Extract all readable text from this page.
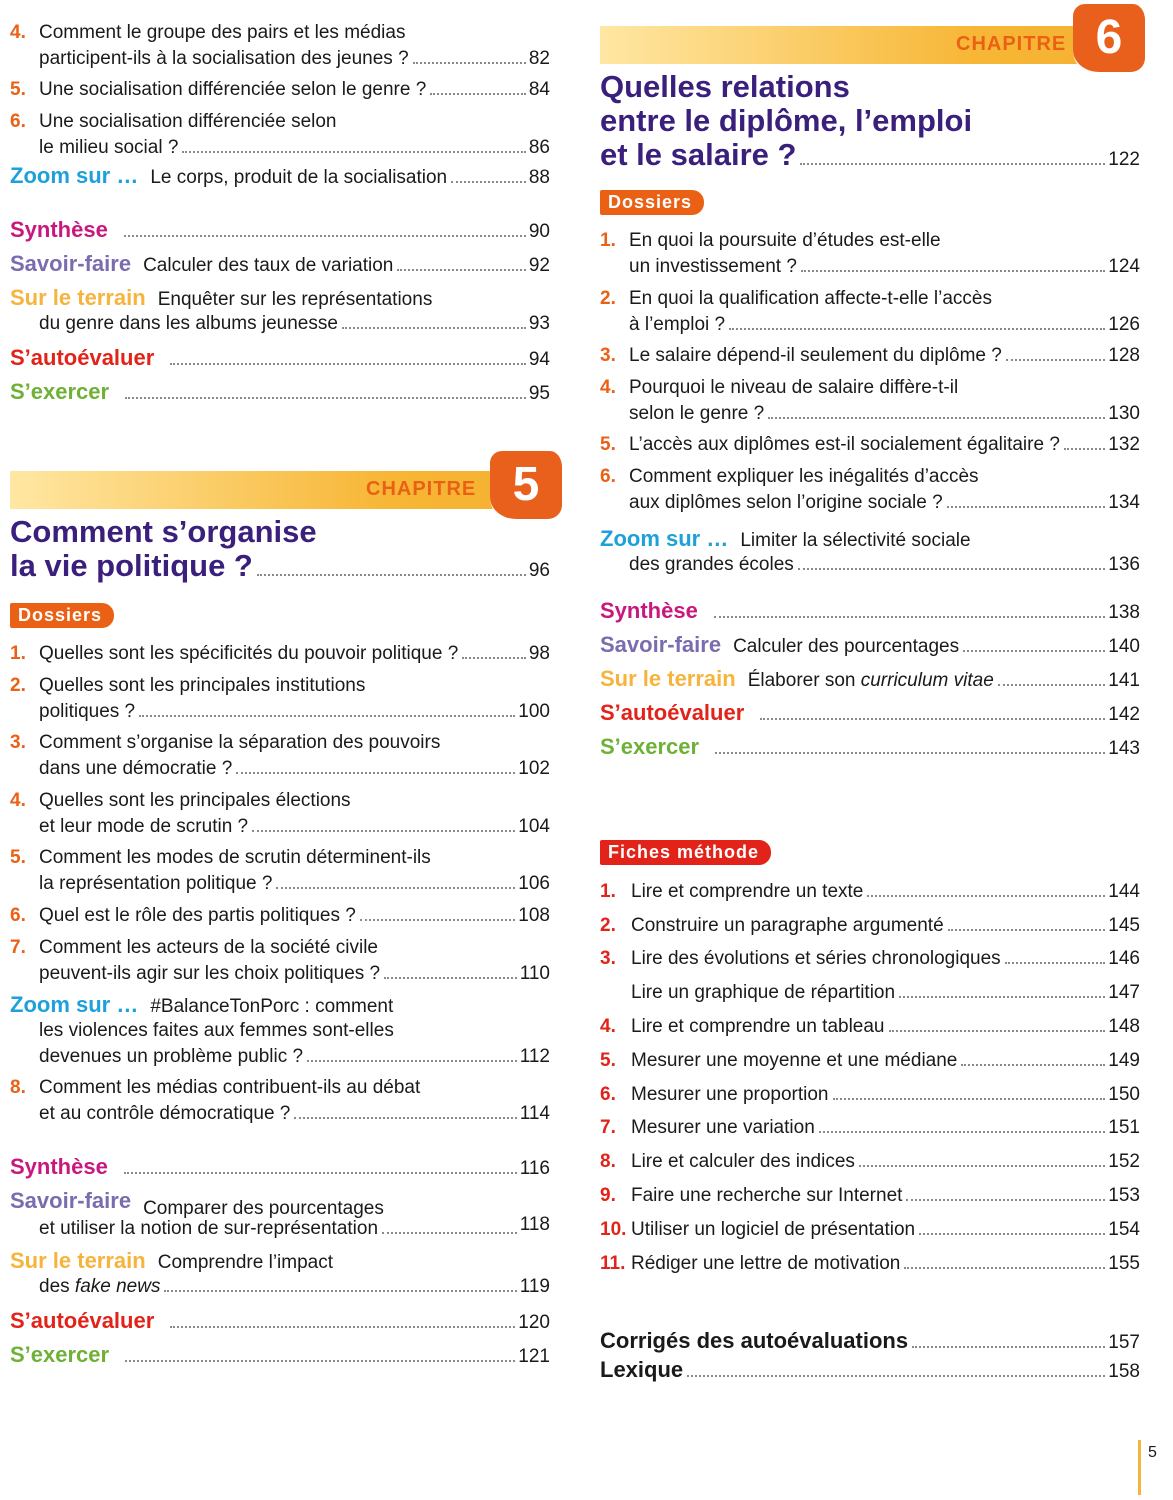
4. Comment le groupe des pairs et les médias
participent-ils à la socialisation des jeunes ?	82
5. Une socialisation différenciée selon le genre ?	84
6. Une socialisation différenciée selon
le milieu social ?	86
Zoom sur … Le corps, produit de la socialisation	88
Synthèse	90
Savoir-faire Calculer des taux de variation	92
Sur le terrain Enquêter sur les représentations
du genre dans les albums jeunesse	93
S’autoévaluer	94
S’exercer	95
CHAPITRE 5
Comment s’organise
la vie politique ?	96
Dossiers
1. Quelles sont les spécificités du pouvoir politique ?	98
2. Quelles sont les principales institutions
politiques ?	100
3. Comment s’organise la séparation des pouvoirs
dans une démocratie ?	102
4. Quelles sont les principales élections
et leur mode de scrutin ?	104
5. Comment les modes de scrutin déterminent-ils
la représentation politique ?	106
6. Quel est le rôle des partis politiques ?	108
7. Comment les acteurs de la société civile
peuvent-ils agir sur les choix politiques ?	110
Zoom sur … #BalanceTonPorc : comment
les violences faites aux femmes sont-elles
devenues un problème public ?	112
8. Comment les médias contribuent-ils au débat
et au contrôle démocratique ?	114
Synthèse	116
Savoir-faire Comparer des pourcentages
et utiliser la notion de sur-représentation	118
Sur le terrain Comprendre l’impact
des fake news	119
S’autoévaluer	120
S’exercer	121
CHAPITRE 6
Quelles relations
entre le diplôme, l’emploi
et le salaire ?	122
Dossiers
1. En quoi la poursuite d’études est-elle
un investissement ?	124
2. En quoi la qualification affecte-t-elle l’accès
à l’emploi ?	126
3. Le salaire dépend-il seulement du diplôme ?	128
4. Pourquoi le niveau de salaire diffère-t-il
selon le genre ?	130
5. L’accès aux diplômes est-il socialement égalitaire ?	132
6. Comment expliquer les inégalités d’accès
aux diplômes selon l’origine sociale ?	134
Zoom sur … Limiter la sélectivité sociale
des grandes écoles	136
Synthèse	138
Savoir-faire Calculer des pourcentages	140
Sur le terrain Élaborer son curriculum vitae	141
S’autoévaluer	142
S’exercer	143
Fiches méthode
1. Lire et comprendre un texte	144
2. Construire un paragraphe argumenté	145
3. Lire des évolutions et séries chronologiques	146
Lire un graphique de répartition	147
4. Lire et comprendre un tableau	148
5. Mesurer une moyenne et une médiane	149
6. Mesurer une proportion	150
7. Mesurer une variation	151
8. Lire et calculer des indices	152
9. Faire une recherche sur Internet	153
10. Utiliser un logiciel de présentation	154
11. Rédiger une lettre de motivation	155
Corrigés des autoévaluations	157
Lexique	158
5
